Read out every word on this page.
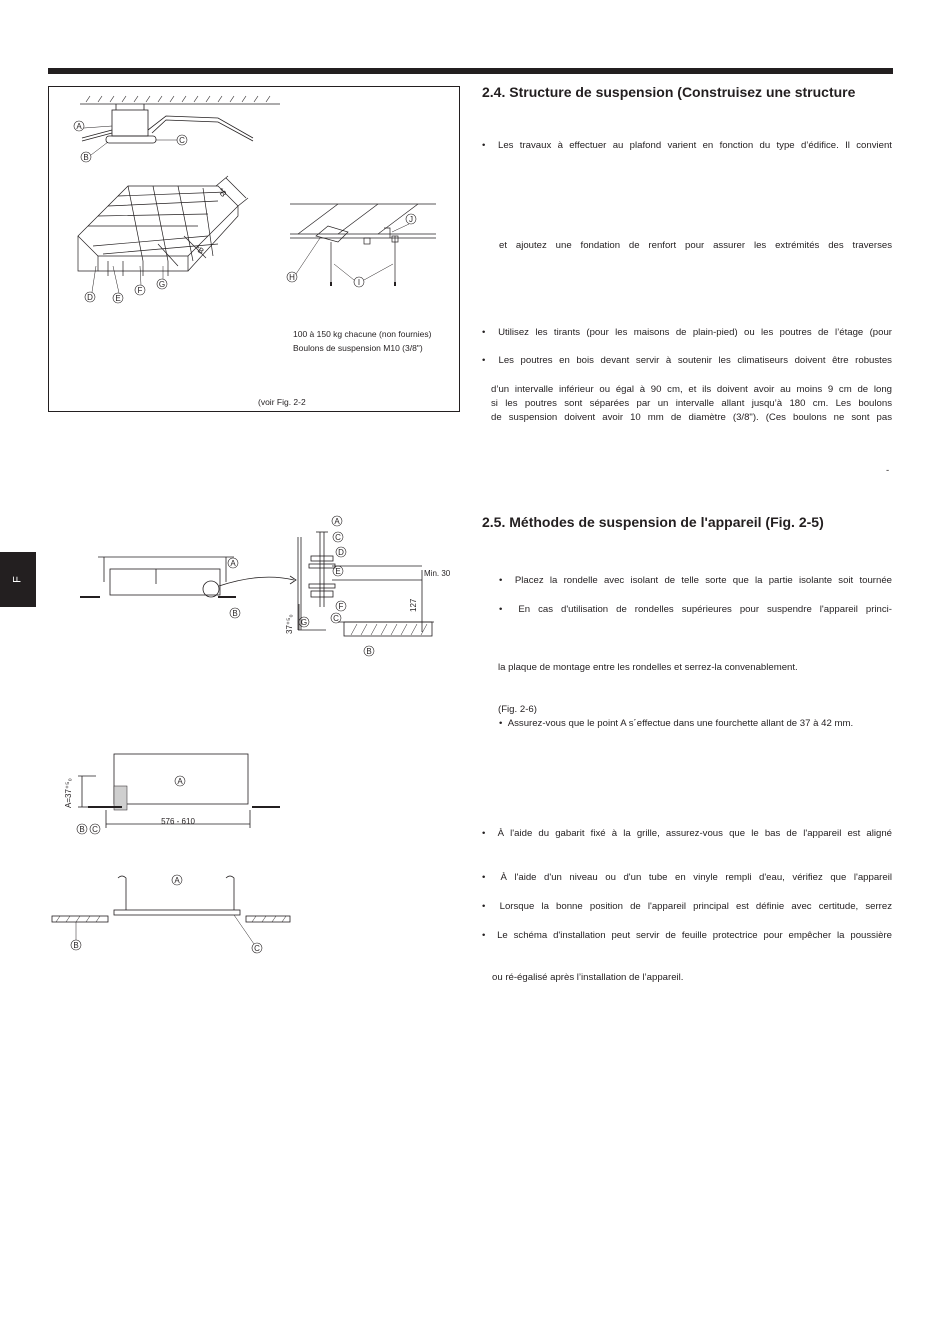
F
A
B
C
D	E
F
G
H
I
J
*B
*B
100 à 150 kg chacune (non fournies)
Boulons de suspension M10 (3/8")
(voir Fig. 2-2
2.4. Structure de suspension (Construisez une structure
•  Les travaux à effectuer au plafond varient en fonction du type d’édifice. Il convient
et ajoutez une fondation de renfort pour assurer les extrémités des traverses
•  Utilisez les tirants (pour les maisons de plain-pied) ou les poutres de l’étage (pour
•  Les poutres en bois devant servir à soutenir les climatiseurs doivent être robustes
d’un intervalle inférieur ou égal à 90 cm, et ils doivent avoir au moins 9 cm de long
si les poutres sont séparées par un intervalle allant jusqu’à 180 cm. Les boulons
de suspension doivent avoir 10 mm de diamètre (3/8"). (Ces boulons ne sont pas
-
A
B
A
C
D
E
F
C
G
B
Min. 30
127
37⁺⁵₀
2.5. Méthodes de suspension de l'appareil (Fig. 2-5)
•  Placez la rondelle avec isolant de telle sorte que la partie isolante soit tournée
•  En cas d'utilisation de rondelles supérieures pour suspendre l'appareil princi-
la plaque de montage entre les rondelles et serrez-la convenablement.
(Fig. 2-6)
•  Assurez-vous que le point A s´effectue dans une fourchette allant de 37 à 42 mm.
A=37⁺⁵₀
576 - 610
A
B C	•  À l'aide du gabarit fixé à la grille, assurez-vous que le bas de l'appareil est aligné
•  À l'aide d'un niveau ou d'un tube en vinyle rempli d'eau, vérifiez que l'appareil
•  Lorsque la bonne position de l'appareil principal est définie avec certitude, serrez
•  Le schéma d'installation peut servir de feuille protectrice pour empêcher la poussière
ou ré-égalisé après l’installation de l’appareil.
A
B	C
